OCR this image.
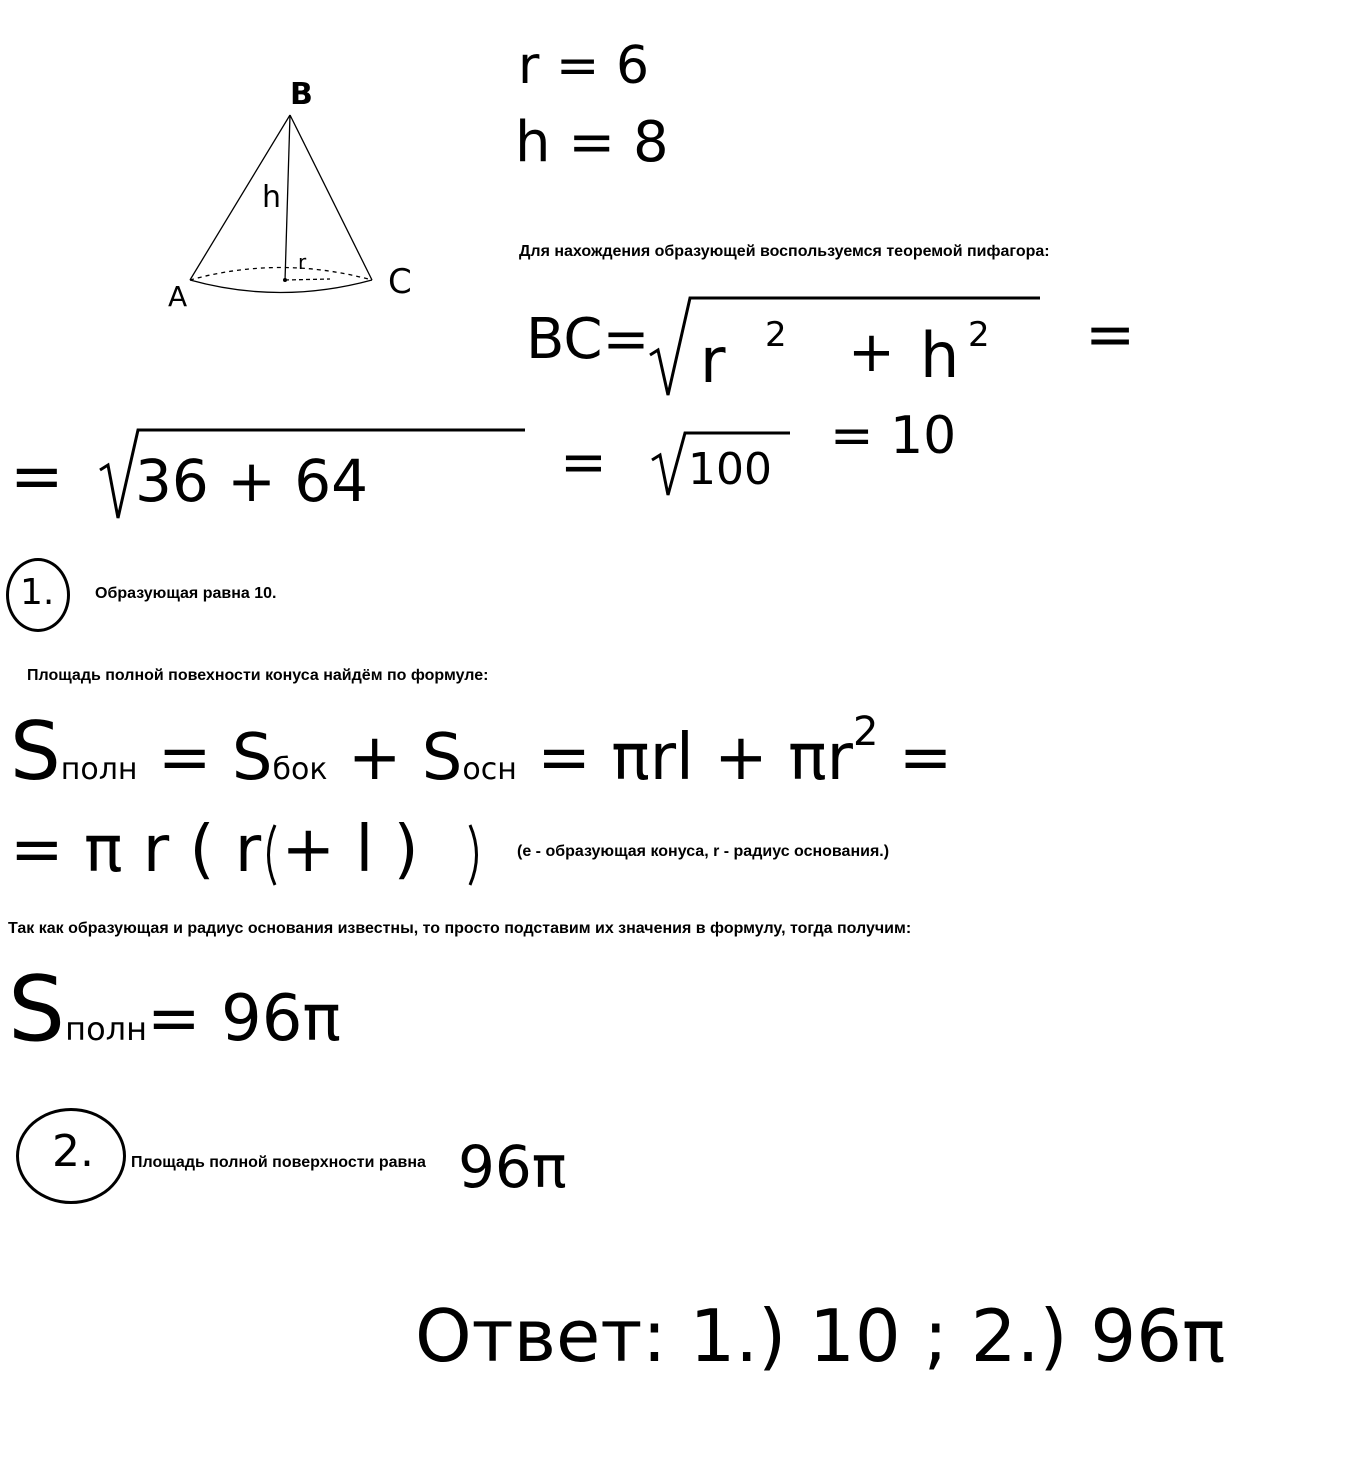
B
A	C
h
r
r = 6
h = 8
Для нахождения образующей воспользуемся теоремой пифагора:
BC= r 2 + h 2 =
= 36 + 64	= 100
= 10
1.	Образующая равна 10.
Площадь полной повехности конуса найдём по формуле:
Sполн = Sбок + Sосн = $\pi rl + \pi r^2$ =
= π r ( r + l )	(e - образующая конуса, r - радиус основания.)
Так как образующая и радиус основания известны, то просто подставим их значения в формулу, тогда получим:
Sполн= 96π
2. Площадь полной поверхности равна 96π
Ответ: 1.) 10 ; 2.) 96π
